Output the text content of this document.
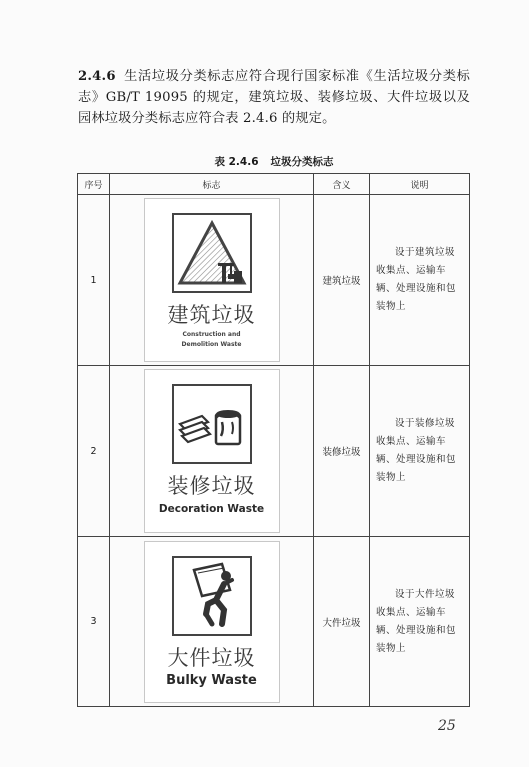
2.4.6 生活垃圾分类标志应符合现行国家标准《生活垃圾分类标志》GB/T 19095 的规定，建筑垃圾、装修垃圾、大件垃圾以及园林垃圾分类标志应符合表 2.4.6 的规定。
表 2.4.6 垃圾分类标志
序号	标志	含义	说明
1	建筑垃圾
Construction and
Demolition Waste	建筑垃圾	设于建筑垃圾收集点、运输车辆、处理设施和包装物上

2	装修垃圾
Decoration Waste	装修垃圾	设于装修垃圾收集点、运输车辆、处理设施和包装物上

3	大件垃圾
Bulky Waste	大件垃圾	设于大件垃圾收集点、运输车辆、处理设施和包装物上
25
